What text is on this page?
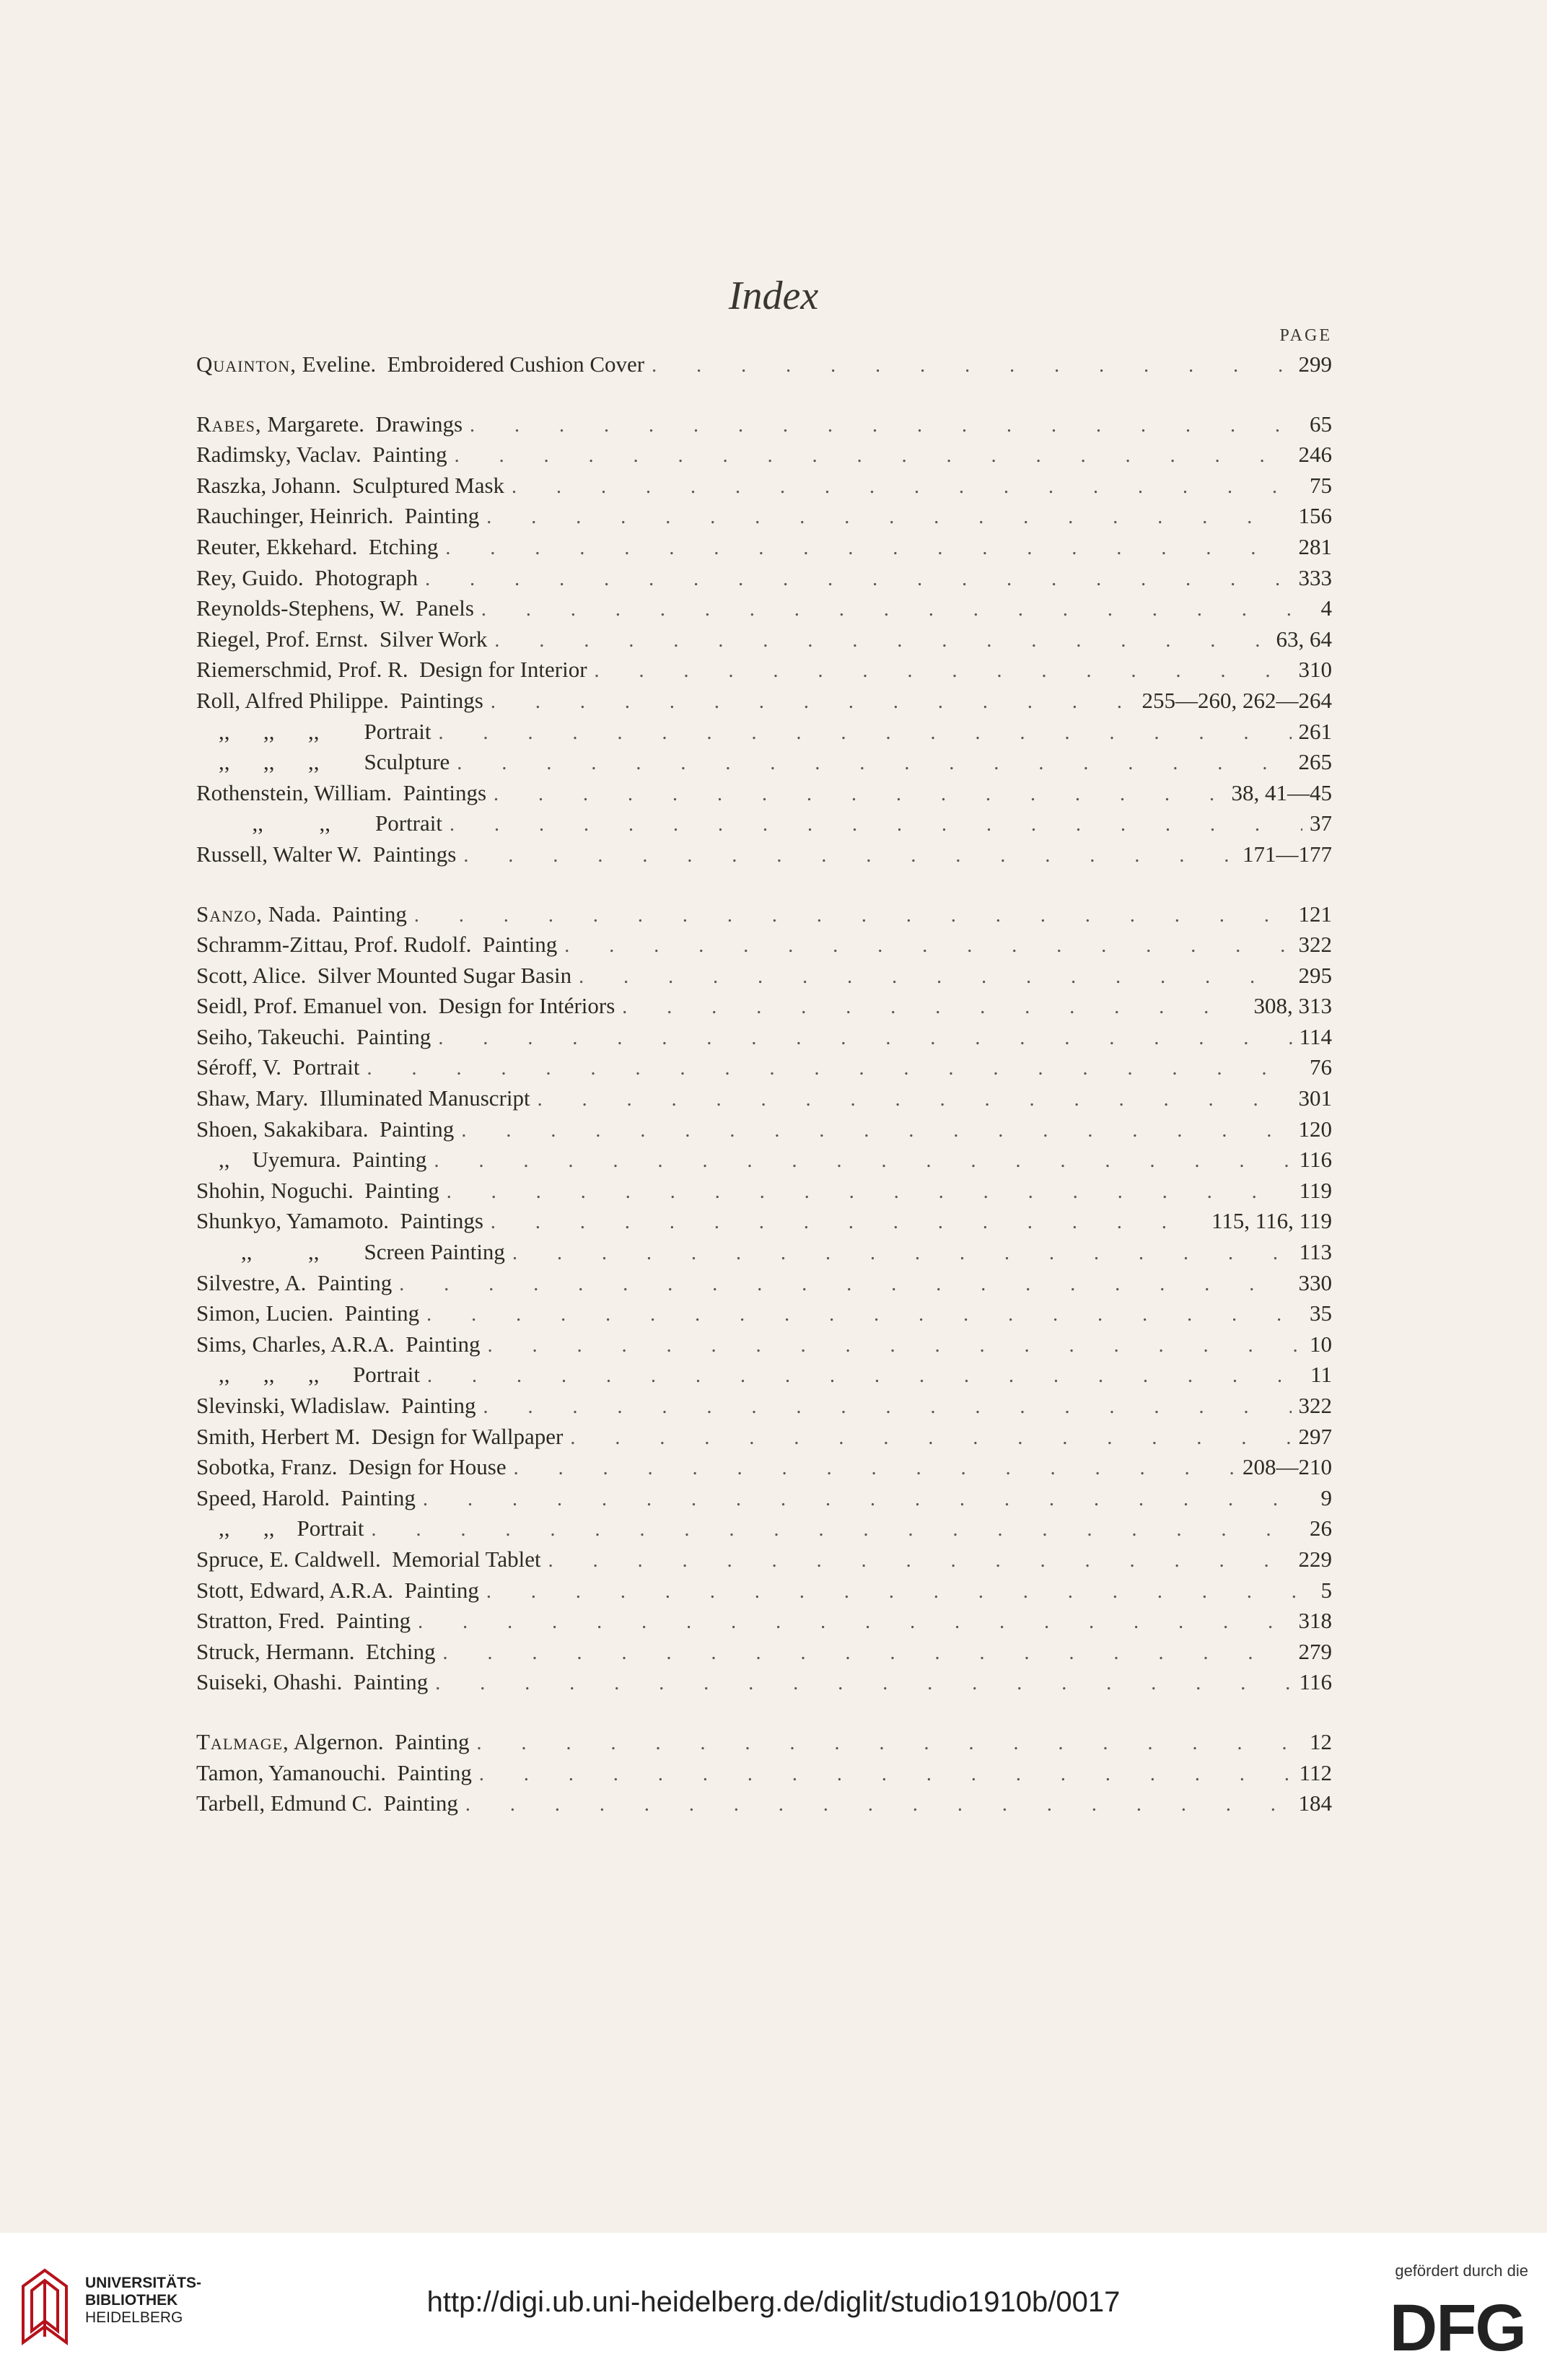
Index
PAGE
Quainton, Eveline.  Embroidered Cushion Cover . . .	299
Rabes, Margarete.  Drawings . . .	65
Radimsky, Vaclav.  Painting . . .	246
Raszka, Johann.  Sculptured Mask . . .	75
Rauchinger, Heinrich.  Painting . . .	156
Reuter, Ekkehard.  Etching . . .	281
Rey, Guido.  Photograph . . .	333
Reynolds-Stephens, W.  Panels . . .	4
Riegel, Prof. Ernst.  Silver Work . . .	63, 64
Riemerschmid, Prof. R.  Design for Interior . . .	310
Roll, Alfred Philippe.  Paintings . . .	255—260, 262—264
,,      ,,      ,,        Portrait . . .	261
,,      ,,      ,,        Sculpture . . .	265
Rothenstein, William.  Paintings . . .	38, 41—45
,,          ,,        Portrait . . .	37
Russell, Walter W.  Paintings . . .	171—177
Sanzo, Nada.  Painting . . .	121
Schramm-Zittau, Prof. Rudolf.  Painting . . .	322
Scott, Alice.  Silver Mounted Sugar Basin . . .	295
Seidl, Prof. Emanuel von.  Design for Intériors . . .	308, 313
Seiho, Takeuchi.  Painting . . .	114
Séroff, V.  Portrait . . .	76
Shaw, Mary.  Illuminated Manuscript . . .	301
Shoen, Sakakibara.  Painting . . .	120
,,    Uyemura.  Painting . . .	116
Shohin, Noguchi.  Painting . . .	119
Shunkyo, Yamamoto.  Paintings . . .	115, 116, 119
,,          ,,        Screen Painting . . .	113
Silvestre, A.  Painting . . .	330
Simon, Lucien.  Painting . . .	35
Sims, Charles, A.R.A.  Painting . . .	10
,,      ,,      ,,      Portrait . . .	11
Slevinski, Wladislaw.  Painting . . .	322
Smith, Herbert M.  Design for Wallpaper . . .	297
Sobotka, Franz.  Design for House . . .	208—210
Speed, Harold.  Painting . . .	9
,,      ,,    Portrait . . .	26
Spruce, E. Caldwell.  Memorial Tablet . . .	229
Stott, Edward, A.R.A.  Painting . . .	5
Stratton, Fred.  Painting . . .	318
Struck, Hermann.  Etching . . .	279
Suiseki, Ohashi.  Painting . . .	116
Talmage, Algernon.  Painting . . .	12
Tamon, Yamanouchi.  Painting . . .	112
Tarbell, Edmund C.  Painting . . .	184
UNIVERSITÄTS-
BIBLIOTHEK
HEIDELBERG	http://digi.ub.uni-heidelberg.de/diglit/studio1910b/0017
gefördert durch die
DFG
